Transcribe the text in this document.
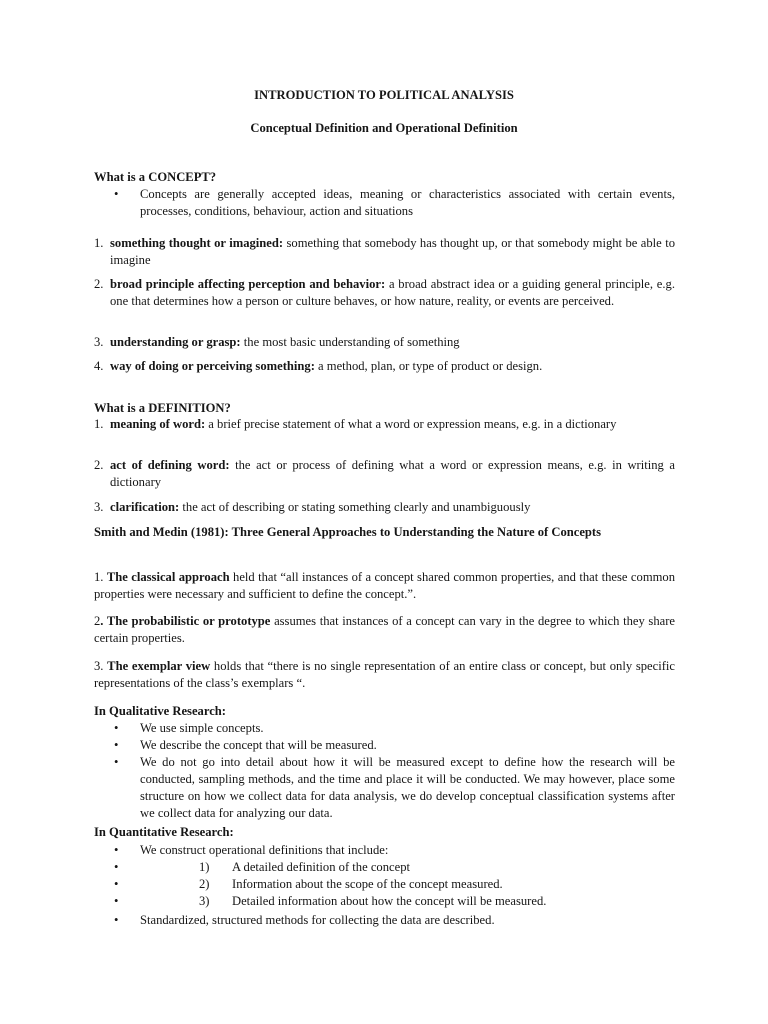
INTRODUCTION TO POLITICAL ANALYSIS
Conceptual Definition and Operational Definition
What is a CONCEPT?
•	Concepts are generally accepted ideas, meaning or characteristics associated with certain events, processes, conditions, behaviour, action and situations
1. something thought or imagined: something that somebody has thought up, or that somebody might be able to imagine
2. broad principle affecting perception and behavior: a broad abstract idea or a guiding general principle, e.g. one that determines how a person or culture behaves, or how nature, reality, or events are perceived.
3. understanding or grasp: the most basic understanding of something
4. way of doing or perceiving something: a method, plan, or type of product or design.
What is a DEFINITION?
1. meaning of word: a brief precise statement of what a word or expression means, e.g. in a dictionary
2. act of defining word: the act or process of defining what a word or expression means, e.g. in writing a dictionary
3. clarification: the act of describing or stating something clearly and unambiguously
Smith and Medin (1981): Three General Approaches to Understanding the Nature of Concepts
1. The classical approach held that “all instances of a concept shared common properties, and that these common properties were necessary and sufficient to define the concept.”.
2. The probabilistic or prototype assumes that instances of a concept can vary in the degree to which they share certain properties.
3. The exemplar view holds that “there is no single representation of an entire class or concept, but only specific representations of the class’s exemplars “.
In Qualitative Research:
•	We use simple concepts.
•	We describe the concept that will be measured.
•	We do not go into detail about how it will be measured except to define how the research will be conducted, sampling methods, and the time and place it will be conducted. We may however, place some structure on how we collect data for data analysis, we do develop conceptual classification systems after we collect data for analyzing our data.
In Quantitative Research:
•	We construct operational definitions that include:
•	1) A detailed definition of the concept
•	2) Information about the scope of the concept measured.
•	3) Detailed information about how the concept will be measured.
•	Standardized, structured methods for collecting the data are described.
